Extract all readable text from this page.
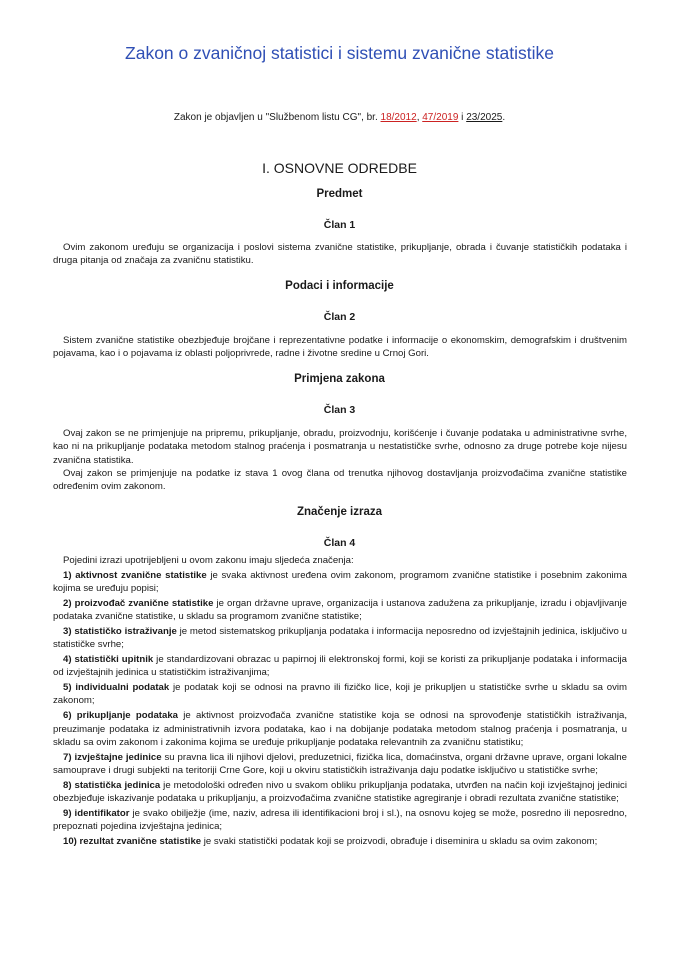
Zakon o zvaničnoj statistici i sistemu zvanične statistike
Zakon je objavljen u "Službenom listu CG", br. 18/2012, 47/2019 i 23/2025.
I. OSNOVNE ODREDBE
Predmet
Član 1
Ovim zakonom uređuju se organizacija i poslovi sistema zvanične statistike, prikupljanje, obrada i čuvanje statističkih podataka i druga pitanja od značaja za zvaničnu statistiku.
Podaci i informacije
Član 2
Sistem zvanične statistike obezbjeđuje brojčane i reprezentativne podatke i informacije o ekonomskim, demografskim i društvenim pojavama, kao i o pojavama iz oblasti poljoprivrede, radne i životne sredine u Crnoj Gori.
Primjena zakona
Član 3
Ovaj zakon se ne primjenjuje na pripremu, prikupljanje, obradu, proizvodnju, korišćenje i čuvanje podataka u administrativne svrhe, kao ni na prikupljanje podataka metodom stalnog praćenja i posmatranja u nestatističke svrhe, odnosno za druge potrebe koje nijesu zvanična statistika.
Ovaj zakon se primjenjuje na podatke iz stava 1 ovog člana od trenutka njihovog dostavljanja proizvođačima zvanične statistike određenim ovim zakonom.
Značenje izraza
Član 4
Pojedini izrazi upotrijebljeni u ovom zakonu imaju sljedeća značenja:
1) aktivnost zvanične statistike je svaka aktivnost uređena ovim zakonom, programom zvanične statistike i posebnim zakonima kojima se uređuju popisi;
2) proizvođač zvanične statistike je organ državne uprave, organizacija i ustanova zadužena za prikupljanje, izradu i objavljivanje podataka zvanične statistike, u skladu sa programom zvanične statistike;
3) statističko istraživanje je metod sistematskog prikupljanja podataka i informacija neposredno od izvještajnih jedinica, isključivo u statističke svrhe;
4) statistički upitnik je standardizovani obrazac u papirnoj ili elektronskoj formi, koji se koristi za prikupljanje podataka i informacija od izvještajnih jedinica u statističkim istraživanjima;
5) individualni podatak je podatak koji se odnosi na pravno ili fizičko lice, koji je prikupljen u statističke svrhe u skladu sa ovim zakonom;
6) prikupljanje podataka je aktivnost proizvođača zvanične statistike koja se odnosi na sprovođenje statističkih istraživanja, preuzimanje podataka iz administrativnih izvora podataka, kao i na dobijanje podataka metodom stalnog praćenja i posmatranja, u skladu sa ovim zakonom i zakonima kojima se uređuje prikupljanje podataka relevantnih za zvaničnu statistiku;
7) izvještajne jedinice su pravna lica ili njihovi djelovi, preduzetnici, fizička lica, domaćinstva, organi državne uprave, organi lokalne samouprave i drugi subjekti na teritoriji Crne Gore, koji u okviru statističkih istraživanja daju podatke isključivo u statističke svrhe;
8) statistička jedinica je metodološki određen nivo u svakom obliku prikupljanja podataka, utvrđen na način koji izvještajnoj jedinici obezbjeđuje iskazivanje podataka u prikupljanju, a proizvođačima zvanične statistike agregiranje i obradi rezultata zvanične statistike;
9) identifikator je svako obilježje (ime, naziv, adresa ili identifikacioni broj i sl.), na osnovu kojeg se može, posredno ili neposredno, prepoznati pojedina izvještajna jedinica;
10) rezultat zvanične statistike je svaki statistički podatak koji se proizvodi, obrađuje i diseminira u skladu sa ovim zakonom;
